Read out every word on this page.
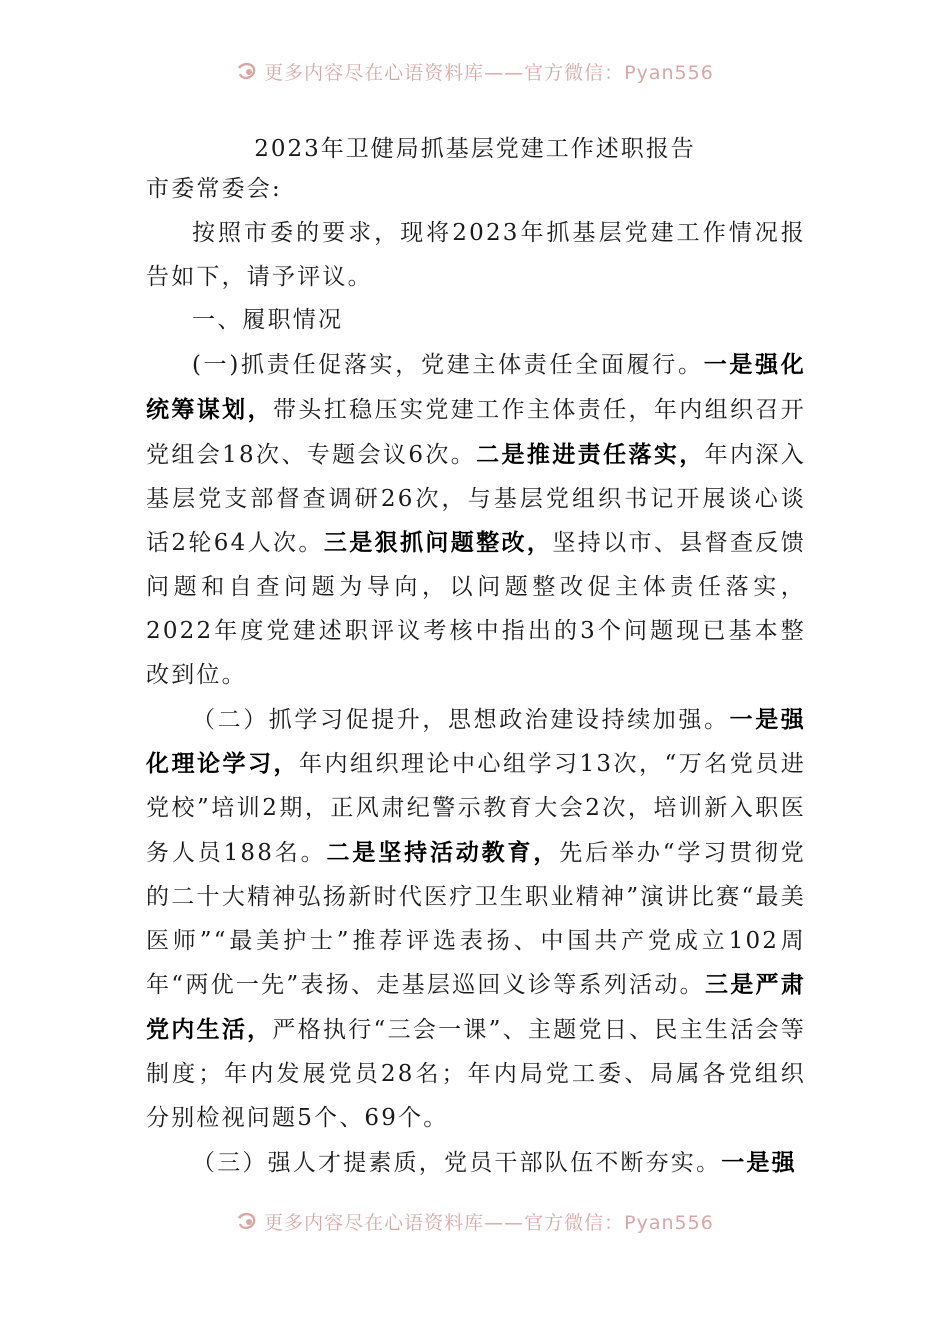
更多内容尽在心语资料库——官方微信：Pyan556
2023年卫健局抓基层党建工作述职报告

市委常委会:

按照市委的要求，现将2023年抓基层党建工作情况报告如下，请予评议。

一、履职情况

(一)抓责任促落实，党建主体责任全面履行。一是强化统筹谋划，带头扛稳压实党建工作主体责任，年内组织召开党组会18次、专题会议6次。二是推进责任落实，年内深入基层党支部督查调研26次，与基层党组织书记开展谈心谈话2轮64人次。三是狠抓问题整改，坚持以市、县督查反馈问题和自查问题为导向，以问题整改促主体责任落实，2022年度党建述职评议考核中指出的3个问题现已基本整改到位。

（二）抓学习促提升，思想政治建设持续加强。一是强化理论学习，年内组织理论中心组学习13次，“万名党员进党校”培训2期，正风肃纪警示教育大会2次，培训新入职医务人员188名。二是坚持活动教育，先后举办“学习贯彻党的二十大精神弘扬新时代医疗卫生职业精神”演讲比赛“最美医师”“最美护士”推荐评选表扬、中国共产党成立102周年“两优一先”表扬、走基层巡回义诊等系列活动。三是严肃党内生活，严格执行“三会一课”、主题党日、民主生活会等制度；年内发展党员28名；年内局党工委、局属各党组织分别检视问题5个、69个。

（三）强人才提素质，党员干部队伍不断夯实。一是强

更多内容尽在心语资料库——官方微信：Pyan556
